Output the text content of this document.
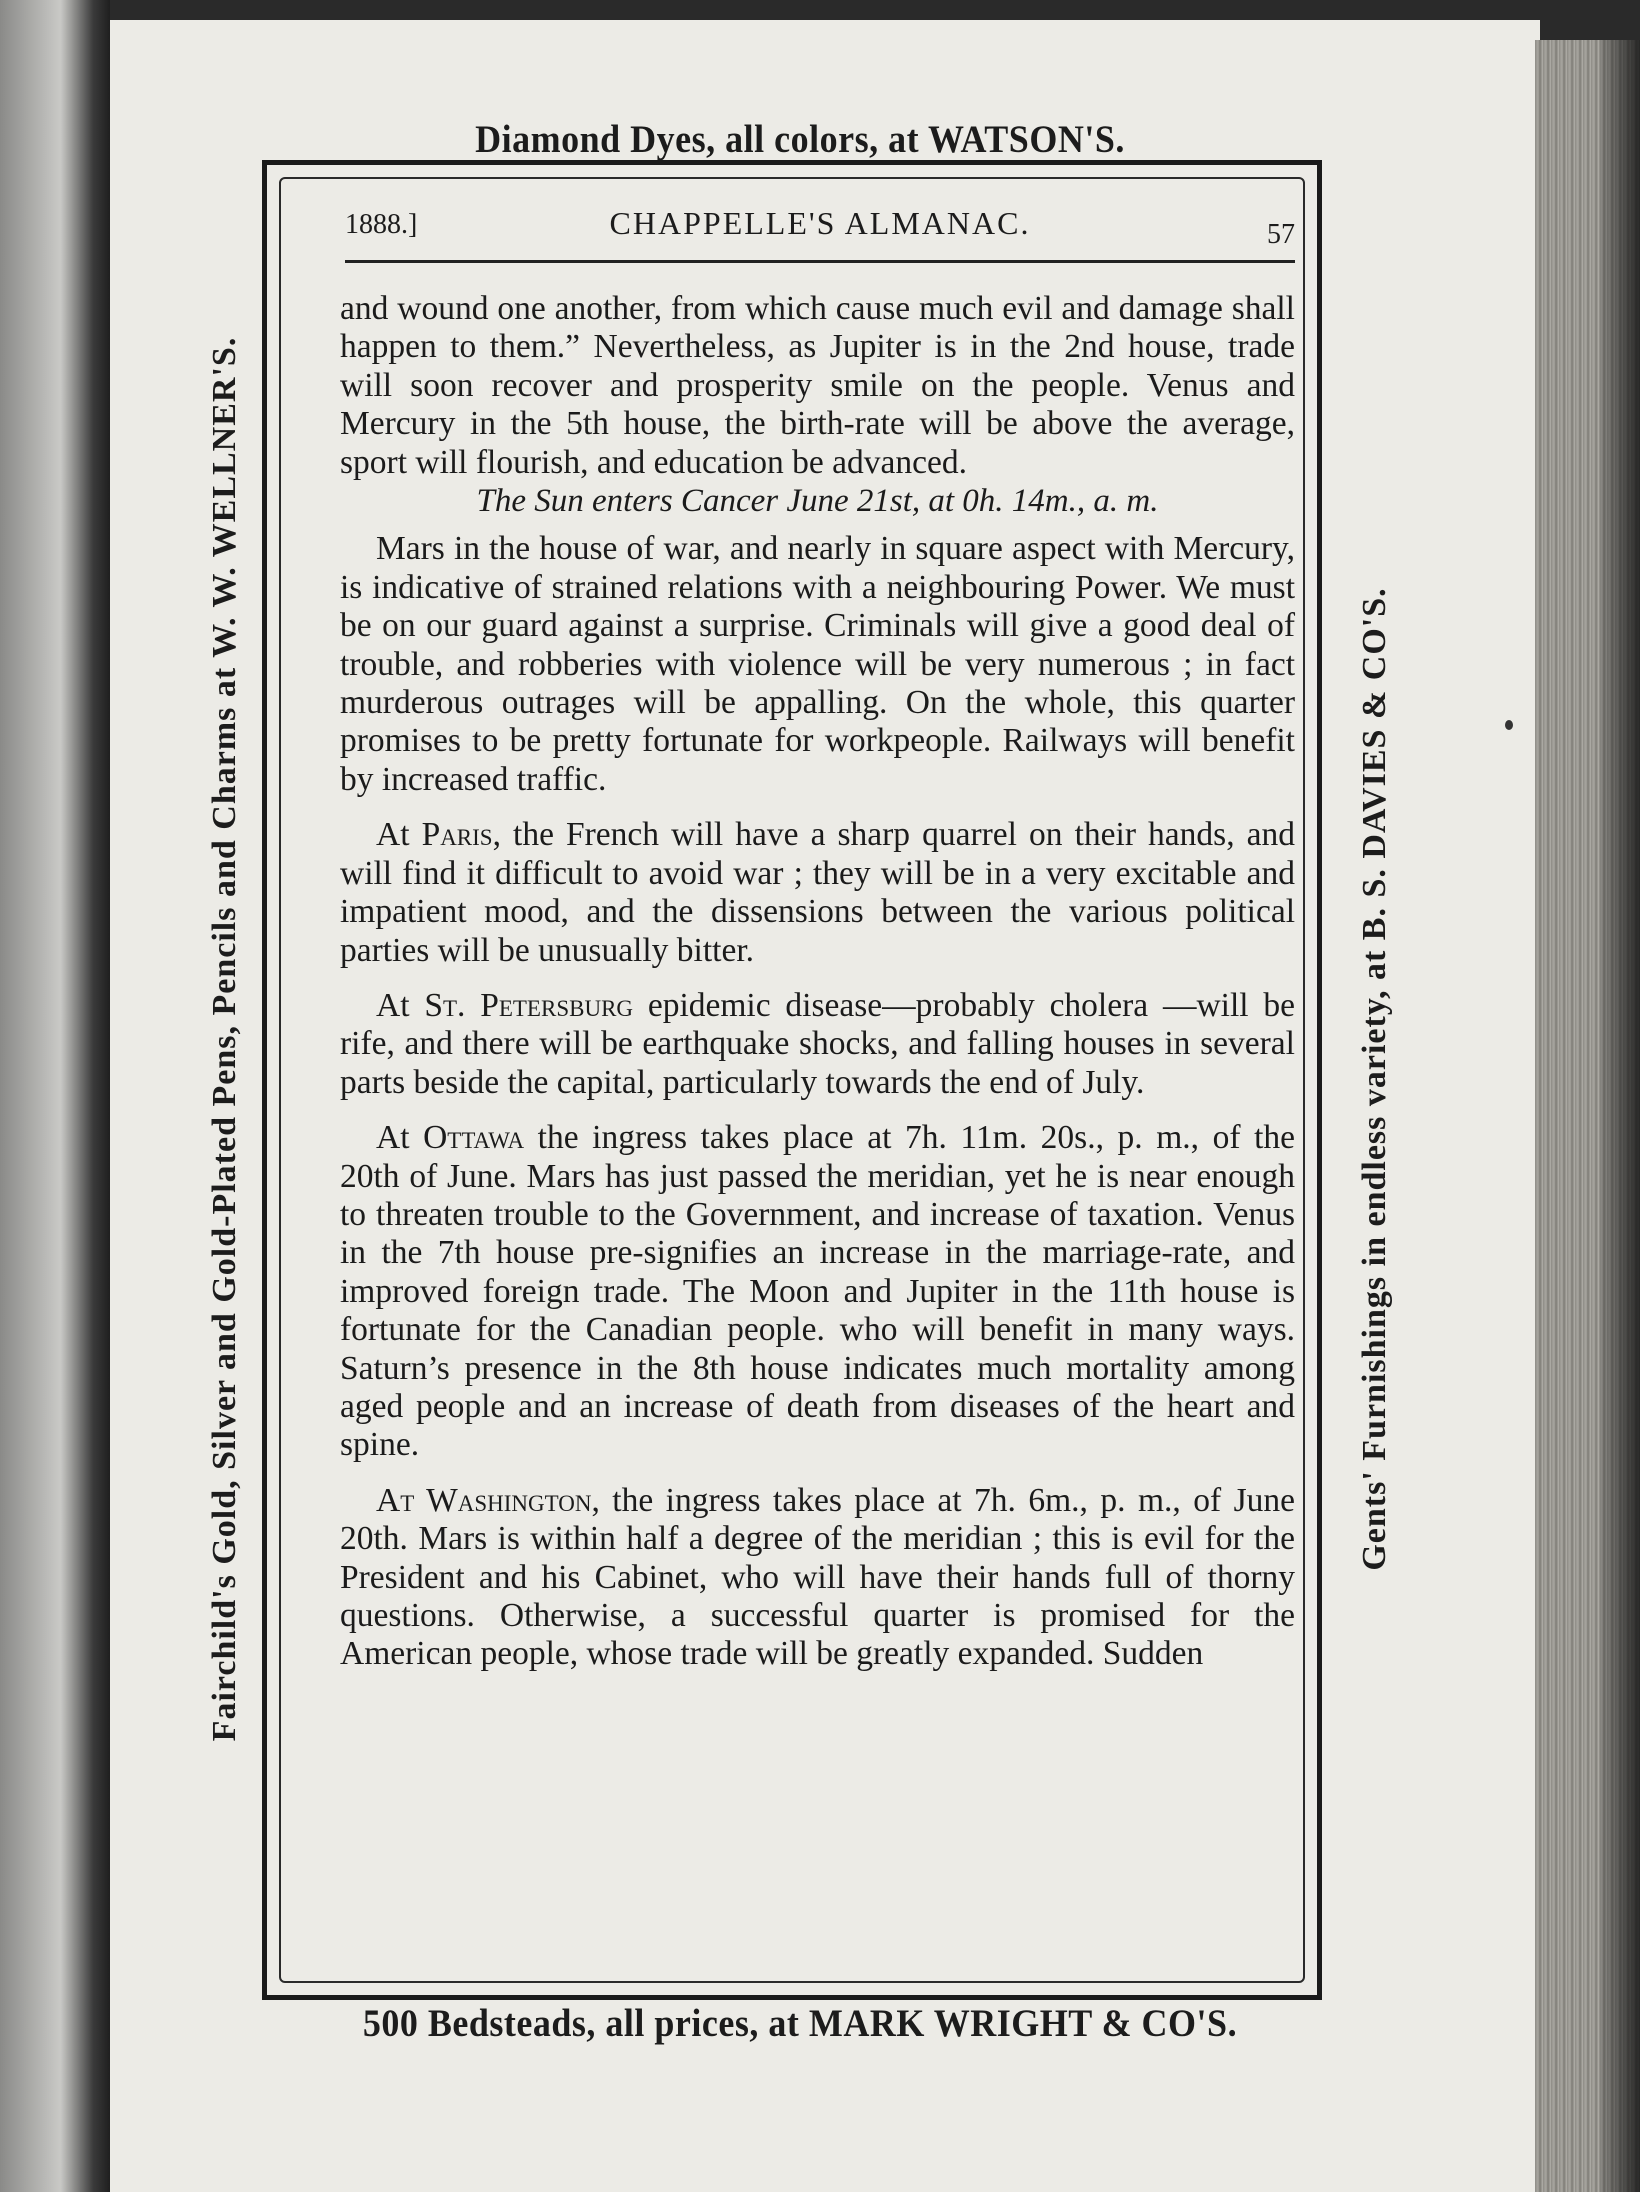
Diamond Dyes, all colors, at WATSON'S.
Fairchild's Gold, Silver and Gold-Plated Pens, Pencils and Charms at W. W. WELLNER'S.	Gents' Furnishings in endless variety, at B. S. DAVIES & CO'S.
500 Bedsteads, all prices, at MARK WRIGHT & CO'S.
1888.]	CHAPPELLE'S ALMANAC.	57

and wound one another, from which cause much evil and damage shall happen to them.” Nevertheless, as Jupiter is in the 2nd house, trade will soon recover and prosperity smile on the people. Venus and Mercury in the 5th house, the birth-rate will be above the average, sport will flourish, and education be advanced.

The Sun enters Cancer June 21st, at 0h. 14m., a. m.

Mars in the house of war, and nearly in square aspect with Mercury, is indicative of strained relations with a neighbouring Power. We must be on our guard against a surprise. Criminals will give a good deal of trouble, and robberies with violence will be very numerous ; in fact murderous outrages will be appalling. On the whole, this quarter promises to be pretty fortunate for workpeople. Railways will benefit by increased traffic.

At Paris, the French will have a sharp quarrel on their hands, and will find it difficult to avoid war ; they will be in a very excitable and impatient mood, and the dissensions between the various political parties will be unusually bitter.

At St. Petersburg epidemic disease—probably cholera —will be rife, and there will be earthquake shocks, and falling houses in several parts beside the capital, particularly towards the end of July.

At Ottawa the ingress takes place at 7h. 11m. 20s., p. m., of the 20th of June. Mars has just passed the meridian, yet he is near enough to threaten trouble to the Government, and increase of taxation. Venus in the 7th house pre-signifies an increase in the marriage-rate, and improved foreign trade. The Moon and Jupiter in the 11th house is fortunate for the Canadian people. who will benefit in many ways. Saturn’s presence in the 8th house indicates much mortality among aged people and an increase of death from diseases of the heart and spine.

At Washington, the ingress takes place at 7h. 6m., p. m., of June 20th. Mars is within half a degree of the meridian ; this is evil for the President and his Cabinet, who will have their hands full of thorny questions. Otherwise, a successful quarter is promised for the American people, whose trade will be greatly expanded. Sudden
